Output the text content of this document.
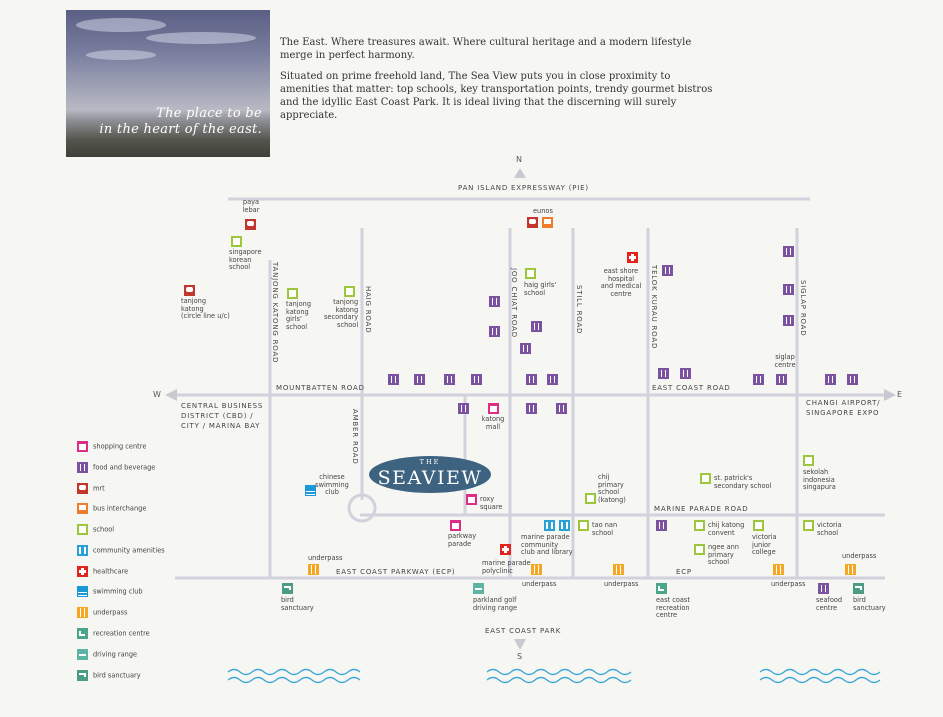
The place to be
in the heart of the east.

The East. Where treasures await. Where cultural heritage and a modern lifestyle merge in perfect harmony.

Situated on prime freehold land, The Sea View puts you in close proximity to amenities that matter: top schools, key transportation points, trendy gourmet bistros and the idyllic East Coast Park. It is ideal living that the discerning will surely appreciate.

N
S
W	E
PAN ISLAND EXPRESSWAY (PIE)
MOUNTBATTEN ROAD	EAST COAST ROAD
MARINE PARADE ROAD
EAST COAST PARKWAY (ECP)	ECP
EAST COAST PARK
TANJONG KATONG ROAD	HAIG ROAD
AMBER ROAD
JOO CHIAT ROAD	STILL ROAD	TELOK KURAU ROAD	SIGLAP ROAD
CENTRAL BUSINESS
DISTRICT (CBD) /
CITY / MARINA BAY
CHANGI AIRPORT/
SINGAPORE EXPO
THE
SEAVIEW
paya
lebar
singapore
korean
school
tanjong
katong
(circle line u/c)
tanjong
katong
girls'
school
tanjong
katong
secondary
school
eunos
haig girls'
school
east shore
hospital
and medical
centre
siglap
centre
katong
mall
chinese
swimming
club
roxy
square
chij
primary
school
(katong)
st. patrick's
secondary school
sekolah
indonesia
singapura
parkway
parade
marine parade
community
club and library
marine parade
polyclinic
tao nan
school
chij katong
convent
ngee ann
primary
school
victoria
junior
college
victoria
school
underpass
underpass	underpass	underpass
underpass
bird
sanctuary
parkland golf
driving range
east coast
recreation
centre
seafood
centre
bird
sanctuary
shopping centre
food and beverage
mrt
bus interchange
school
community amenities
healthcare
swimming club
underpass
recreation centre
driving range
bird sanctuary
